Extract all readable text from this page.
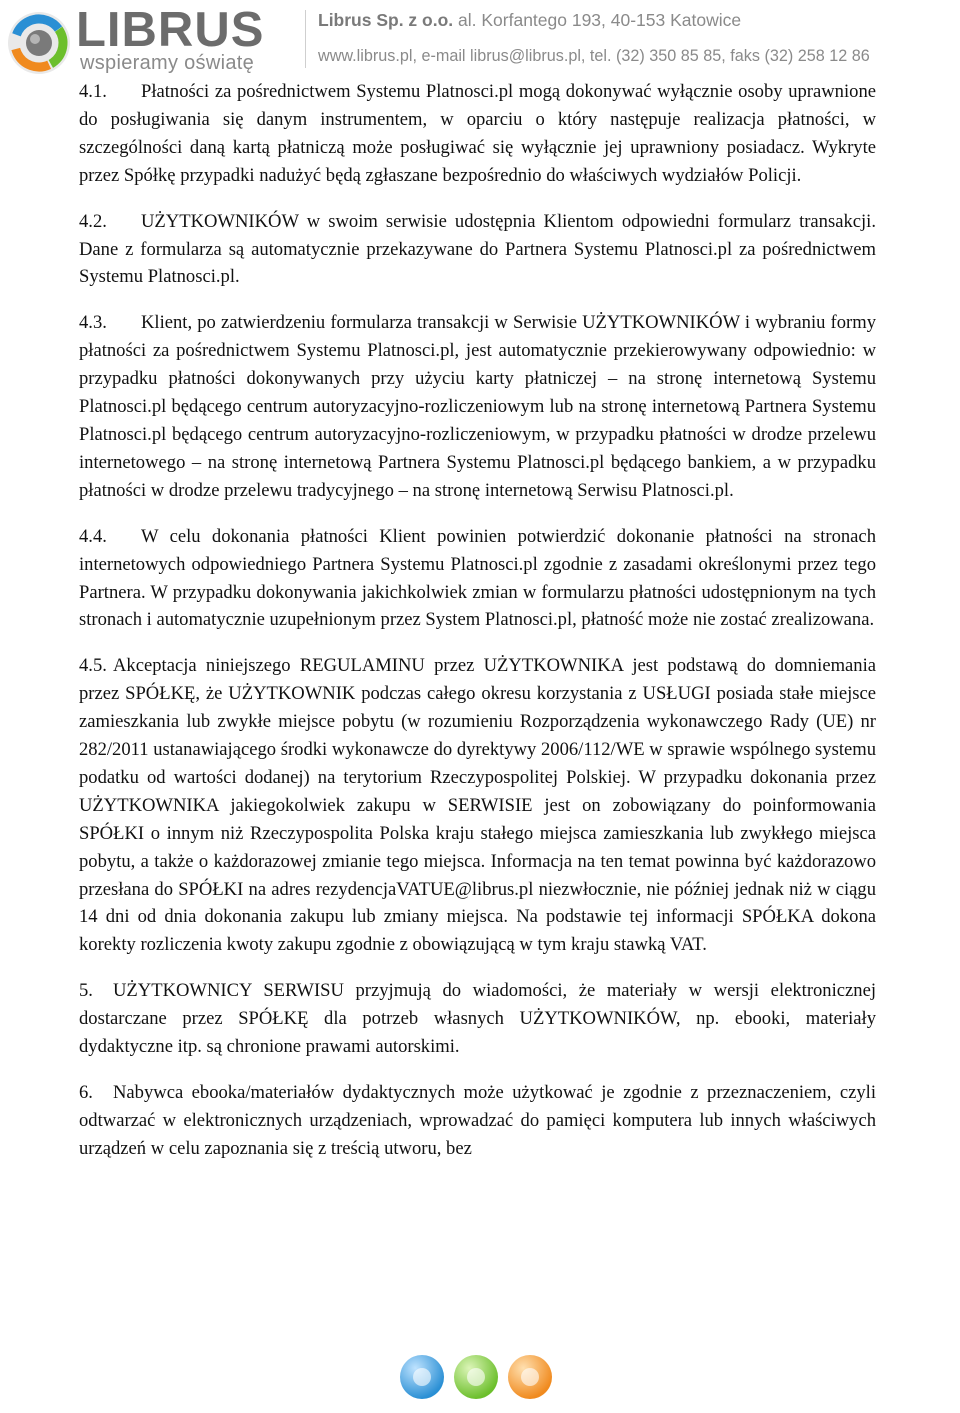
LIBRUS
wspieramy oświatę
Librus Sp. z o.o. al. Korfantego 193, 40-153 Katowice
www.librus.pl, e-mail librus@librus.pl, tel. (32) 350 85 85, faks (32) 258 12 86

4.1. Płatności za pośrednictwem Systemu Platnosci.pl mogą dokonywać wyłącznie osoby uprawnione do posługiwania się danym instrumentem, w oparciu o który następuje realizacja płatności, w szczególności daną kartą płatniczą może posługiwać się wyłącznie jej uprawniony posiadacz. Wykryte przez Spółkę przypadki nadużyć będą zgłaszane bezpośrednio do właściwych wydziałów Policji.

4.2. UŻYTKOWNIKÓW w swoim serwisie udostępnia Klientom odpowiedni formularz transakcji. Dane z formularza są automatycznie przekazywane do Partnera Systemu Platnosci.pl za pośrednictwem Systemu Platnosci.pl.

4.3. Klient, po zatwierdzeniu formularza transakcji w Serwisie UŻYTKOWNIKÓW i wybraniu formy płatności za pośrednictwem Systemu Platnosci.pl, jest automatycznie przekierowywany odpowiednio: w przypadku płatności dokonywanych przy użyciu karty płatniczej – na stronę internetową Systemu Platnosci.pl będącego centrum autoryzacyjno-rozliczeniowym lub na stronę internetową Partnera Systemu Platnosci.pl będącego centrum autoryzacyjno-rozliczeniowym, w przypadku płatności w drodze przelewu internetowego – na stronę internetową Partnera Systemu Platnosci.pl będącego bankiem, a w przypadku płatności w drodze przelewu tradycyjnego – na stronę internetową Serwisu Platnosci.pl.

4.4. W celu dokonania płatności Klient powinien potwierdzić dokonanie płatności na stronach internetowych odpowiedniego Partnera Systemu Platnosci.pl zgodnie z zasadami określonymi przez tego Partnera. W przypadku dokonywania jakichkolwiek zmian w formularzu płatności udostępnionym na tych stronach i automatycznie uzupełnionym przez System Platnosci.pl, płatność może nie zostać zrealizowana.

4.5. Akceptacja niniejszego REGULAMINU przez UŻYTKOWNIKA jest podstawą do domniemania przez SPÓŁKĘ, że UŻYTKOWNIK podczas całego okresu korzystania z USŁUGI posiada stałe miejsce zamieszkania lub zwykłe miejsce pobytu (w rozumieniu Rozporządzenia wykonawczego Rady (UE) nr 282/2011 ustanawiającego środki wykonawcze do dyrektywy 2006/112/WE w sprawie wspólnego systemu podatku od wartości dodanej) na terytorium Rzeczypospolitej Polskiej. W przypadku dokonania przez UŻYTKOWNIKA jakiegokolwiek zakupu w SERWISIE jest on zobowiązany do poinformowania SPÓŁKI o innym niż Rzeczypospolita Polska kraju stałego miejsca zamieszkania lub zwykłego miejsca pobytu, a także o każdorazowej zmianie tego miejsca. Informacja na ten temat powinna być każdorazowo przesłana do SPÓŁKI na adres rezydencjaVATUE@librus.pl niezwłocznie, nie później jednak niż w ciągu 14 dni od dnia dokonania zakupu lub zmiany miejsca. Na podstawie tej informacji SPÓŁKA dokona korekty rozliczenia kwoty zakupu zgodnie z obowiązującą w tym kraju stawką VAT.

5. UŻYTKOWNICY SERWISU przyjmują do wiadomości, że materiały w wersji elektronicznej dostarczane przez SPÓŁKĘ dla potrzeb własnych UŻYTKOWNIKÓW, np. ebooki, materiały dydaktyczne itp. są chronione prawami autorskimi.

6. Nabywca ebooka/materiałów dydaktycznych może użytkować je zgodnie z przeznaczeniem, czyli odtwarzać w elektronicznych urządzeniach, wprowadzać do pamięci komputera lub innych właściwych urządzeń w celu zapoznania się z treścią utworu, bez
